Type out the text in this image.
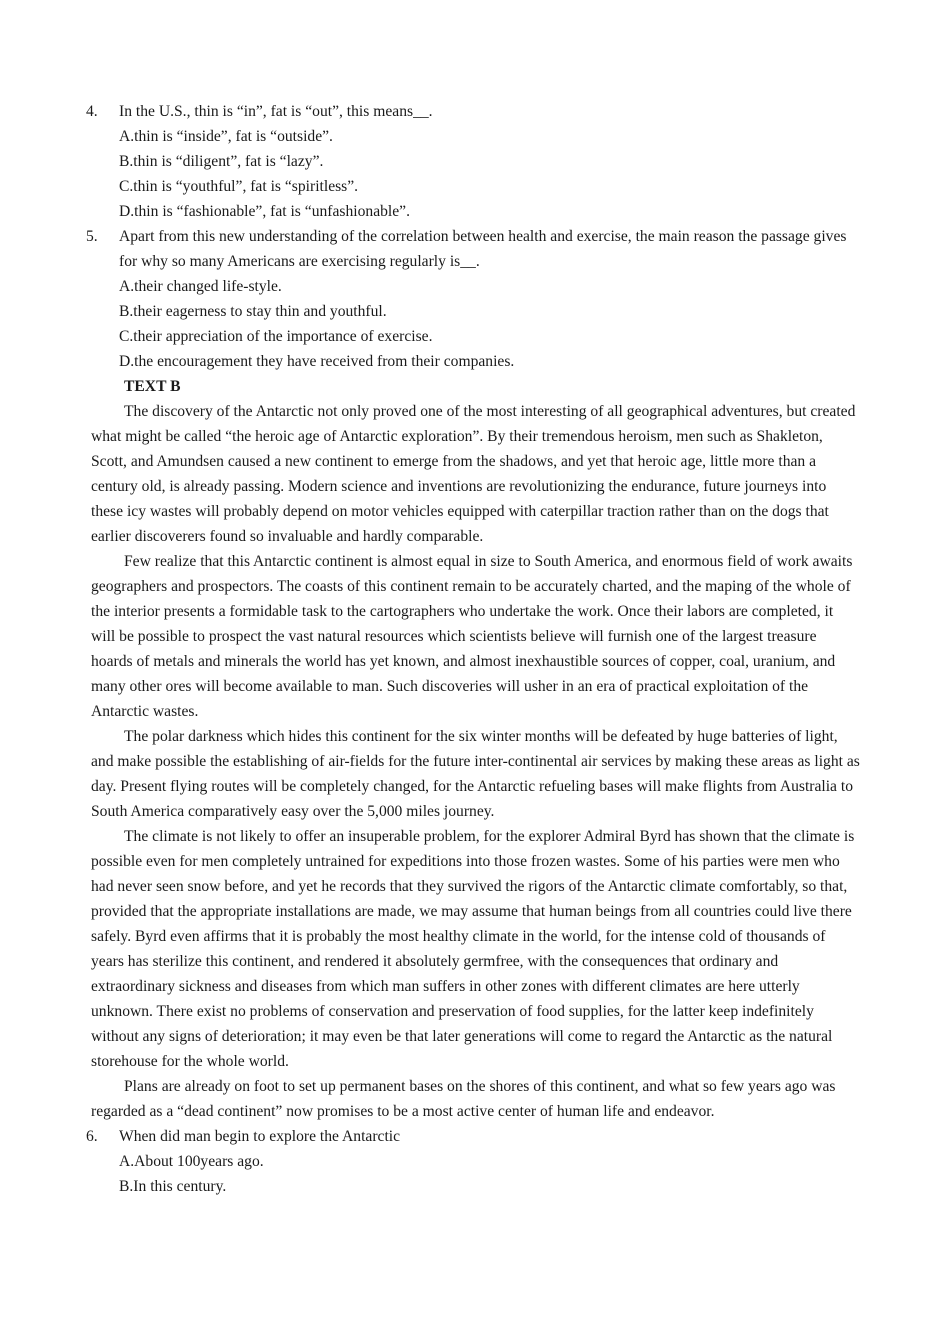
4. In the U.S., thin is “in”, fat is “out”, this means__.
A.thin is “inside”, fat is “outside”.
B.thin is “diligent”, fat is “lazy”.
C.thin is “youthful”, fat is “spiritless”.
D.thin is “fashionable”, fat is “unfashionable”.
5. Apart from this new understanding of the correlation between health and exercise, the main reason the passage gives for why so many Americans are exercising regularly is__.
A.their changed life-style.
B.their eagerness to stay thin and youthful.
C.their appreciation of the importance of exercise.
D.the encouragement they have received from their companies.
TEXT B
The discovery of the Antarctic not only proved one of the most interesting of all geographical adventures, but created what might be called “the heroic age of Antarctic exploration”. By their tremendous heroism, men such as Shakleton, Scott, and Amundsen caused a new continent to emerge from the shadows, and yet that heroic age, little more than a century old, is already passing. Modern science and inventions are revolutionizing the endurance, future journeys into these icy wastes will probably depend on motor vehicles equipped with caterpillar traction rather than on the dogs that earlier discoverers found so invaluable and hardly comparable.
Few realize that this Antarctic continent is almost equal in size to South America, and enormous field of work awaits geographers and prospectors. The coasts of this continent remain to be accurately charted, and the maping of the whole of the interior presents a formidable task to the cartographers who undertake the work. Once their labors are completed, it will be possible to prospect the vast natural resources which scientists believe will furnish one of the largest treasure hoards of metals and minerals the world has yet known, and almost inexhaustible sources of copper, coal, uranium, and many other ores will become available to man. Such discoveries will usher in an era of practical exploitation of the Antarctic wastes.
The polar darkness which hides this continent for the six winter months will be defeated by huge batteries of light, and make possible the establishing of air-fields for the future inter-continental air services by making these areas as light as day. Present flying routes will be completely changed, for the Antarctic refueling bases will make flights from Australia to South America comparatively easy over the 5,000 miles journey.
The climate is not likely to offer an insuperable problem, for the explorer Admiral Byrd has shown that the climate is possible even for men completely untrained for expeditions into those frozen wastes. Some of his parties were men who had never seen snow before, and yet he records that they survived the rigors of the Antarctic climate comfortably, so that, provided that the appropriate installations are made, we may assume that human beings from all countries could live there safely. Byrd even affirms that it is probably the most healthy climate in the world, for the intense cold of thousands of years has sterilize this continent, and rendered it absolutely germfree, with the consequences that ordinary and extraordinary sickness and diseases from which man suffers in other zones with different climates are here utterly unknown. There exist no problems of conservation and preservation of food supplies, for the latter keep indefinitely without any signs of deterioration; it may even be that later generations will come to regard the Antarctic as the natural storehouse for the whole world.
Plans are already on foot to set up permanent bases on the shores of this continent, and what so few years ago was regarded as a “dead continent” now promises to be a most active center of human life and endeavor.
6. When did man begin to explore the Antarctic
A.About 100years ago.
B.In this century.
